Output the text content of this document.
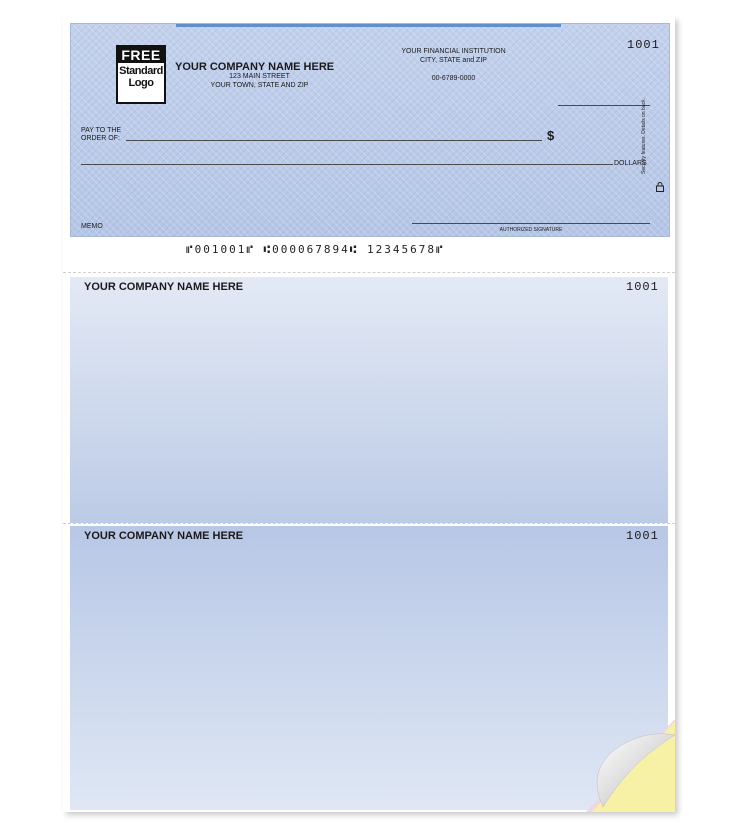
FREE
Standard
Logo
YOUR COMPANY NAME HERE
123 MAIN STREET
YOUR TOWN, STATE AND ZIP
YOUR FINANCIAL INSTITUTION
CITY, STATE and ZIP
00-6789-0000
1001
PAY TO THE ORDER OF:	$
DOLLARS
Security features. Details on back.
MEMO	AUTHORIZED SIGNATURE
⑈001001⑈ ⑆000067894⑆ 12345678⑈
YOUR COMPANY NAME HERE	1001
YOUR COMPANY NAME HERE	1001
